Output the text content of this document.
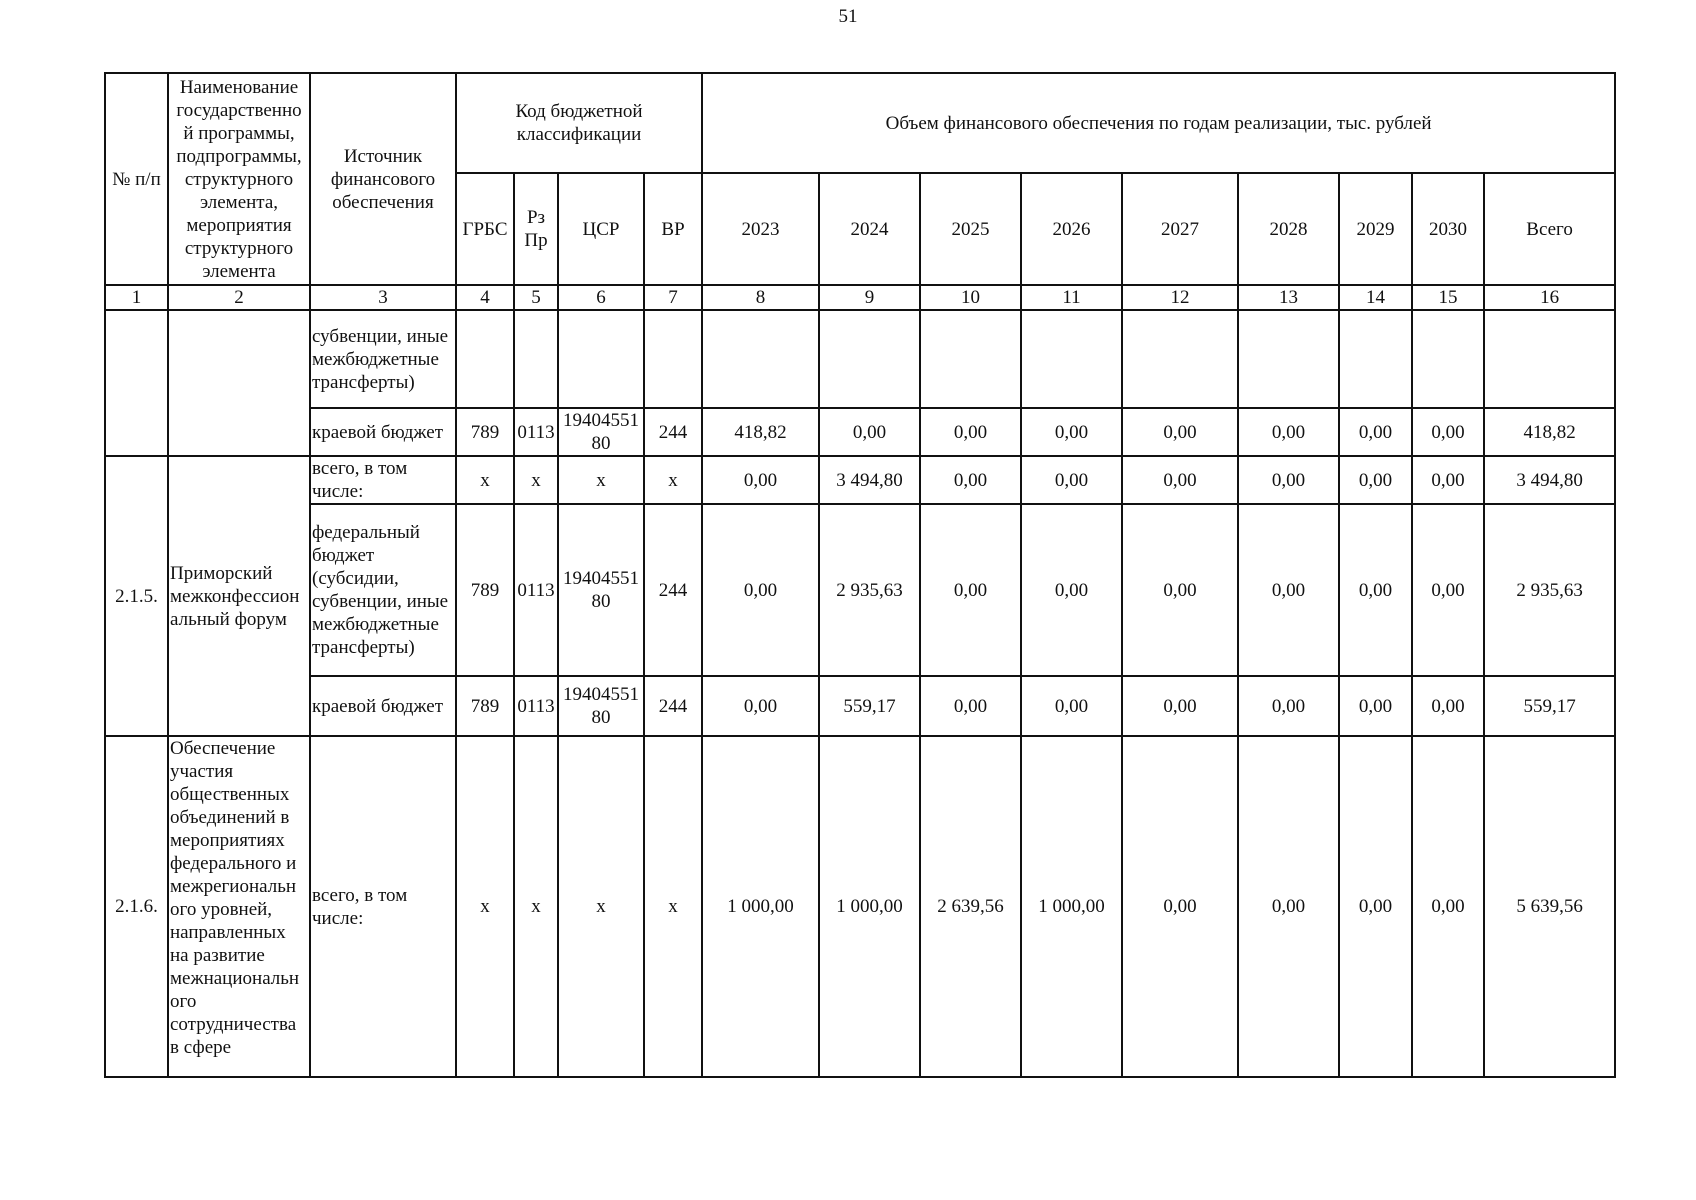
51
№ п/п	Наименование государственно й программы, подпрограммы, структурного элемента, мероприятия структурного элемента	Источник финансового обеспечения	Код бюджетной классификации				Объем финансового обеспечения по годам реализации, тыс. рублей								
			ГРБС	Рз Пр	ЦСР	ВР	2023	2024	2025	2026	2027	2028	2029	2030	Всего
1	2	3	4	5	6	7	8	9	10	11	12	13	14	15	16
		субвенции, иные межбюджетные трансферты)													
		краевой бюджет	789	0113	19404551 80	244	418,82	0,00	0,00	0,00	0,00	0,00	0,00	0,00	418,82
2.1.5.	Приморский межконфессион альный форум	всего, в том числе:	x	x	x	x	0,00	3 494,80	0,00	0,00	0,00	0,00	0,00	0,00	3 494,80
		федеральный бюджет (субсидии, субвенции, иные межбюджетные трансферты)	789	0113	19404551 80	244	0,00	2 935,63	0,00	0,00	0,00	0,00	0,00	0,00	2 935,63
		краевой бюджет	789	0113	19404551 80	244	0,00	559,17	0,00	0,00	0,00	0,00	0,00	0,00	559,17
2.1.6.	Обеспечение участия общественных объединений в мероприятиях федерального и межрегиональн ого уровней, направленных на развитие межнациональн ого сотрудничества в сфере	всего, в том числе:	x	x	x	x	1 000,00	1 000,00	2 639,56	1 000,00	0,00	0,00	0,00	0,00	5 639,56
